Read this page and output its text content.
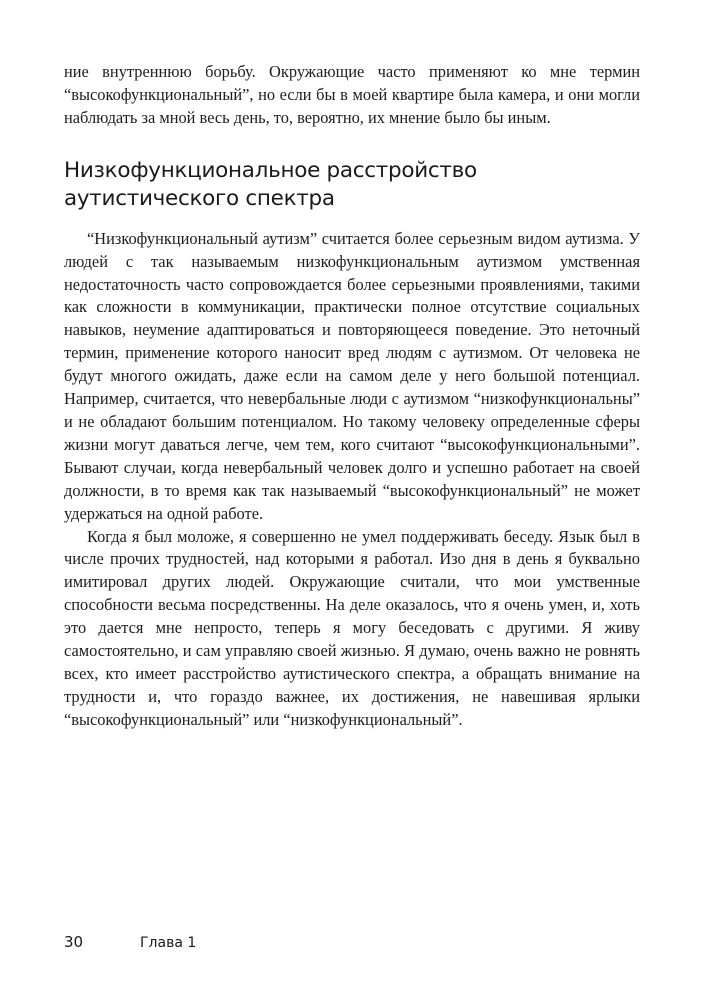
ние внутреннюю борьбу. Окружающие часто применяют ко мне термин “высокофункциональный”, но если бы в моей квартире была камера, и они могли наблюдать за мной весь день, то, вероятно, их мнение было бы иным.

Низкофункциональное расстройство
аутистического спектра

“Низкофункциональный аутизм” считается более серьезным видом аутизма. У людей с так называемым низкофункциональным аутизмом умственная недостаточность часто сопровождается более серьезными проявлениями, такими как сложности в коммуникации, практически полное отсутствие социальных навыков, неумение адаптироваться и повторяющееся поведение. Это неточный термин, применение которого наносит вред людям с аутизмом. От человека не будут многого ожидать, даже если на самом деле у него большой потенциал. Например, считается, что невербальные люди с аутизмом “низкофункциональны” и не обладают большим потенциалом. Но такому человеку определенные сферы жизни могут даваться легче, чем тем, кого считают “высокофункциональными”. Бывают случаи, когда невербальный человек долго и успешно работает на своей должности, в то время как так называемый “высокофункциональный” не может удержаться на одной работе.

Когда я был моложе, я совершенно не умел поддерживать беседу. Язык был в числе прочих трудностей, над которыми я работал. Изо дня в день я буквально имитировал других людей. Окружающие считали, что мои умственные способности весьма посредственны. На деле оказалось, что я очень умен, и, хоть это дается мне непросто, теперь я могу беседовать с другими. Я живу самостоятельно, и сам управляю своей жизнью. Я думаю, очень важно не ровнять всех, кто имеет расстройство аутистического спектра, а обращать внимание на трудности и, что гораздо важнее, их достижения, не навешивая ярлыки “высокофункциональный” или “низкофункциональный”.

30	Глава 1
